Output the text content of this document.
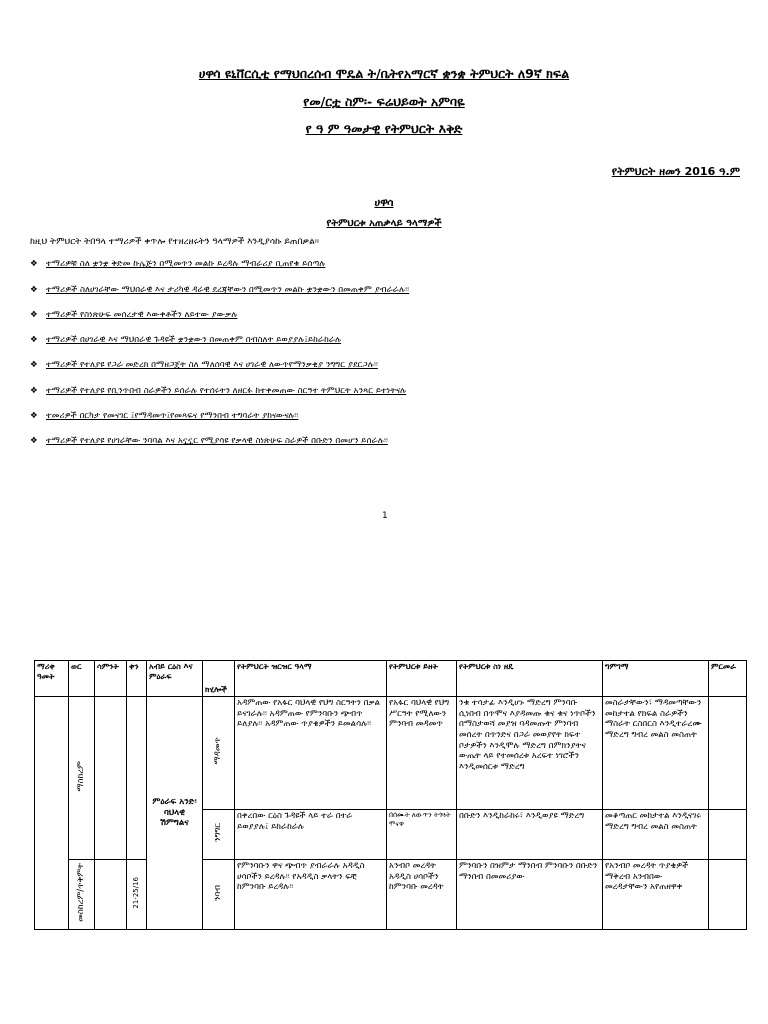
ሀዋሳ ዩኒቨርሲቲ የማህበረሰብ ሞዴል ት/ቤትየአማርኛ ቋንቋ ትምህርት ለ9ኛ ክፍል
የመ/ርቷ ስም፡- ፍሬህይወት አምባዬ
የ ዓ ም ዓመታዊ የትምህርት እቅድ
የትምህርት ዘመን 2016 ዓ.ም
ሀዋሳ
የትምህርቱ አጠቃላይ ዓላማዎች
ከዚህ ትምህርት ትበዓላ ተማሪዎች ቀጥሎ የተዘረዘሩትን ዓላማዎች እንዲያሳኩ ይጠበቃል፡፡
❖ ተማሪዎቹ ስለ ቋንቋ ቅድመ ኩሌጅን በሚመጥን መልኩ ይረዳሉ ማብራሪያ ቢጠየቁ ይሰጣሉ
❖ ተማሪዎች ስለሀገራቸው ማህበራዊ እና ታሪካዊ ዳራዊ ደረጃቸውን በሚመጥን መልኩ ቋንቋውን በመጠቀም ያብራራሉ፡፡
❖ ተማሪዎች የስነጽሁፍ መሰረታዊ እውቀቶችን ለይተው ያውቃሉ
❖ ተማሪዎች በሀገራዊ እና ማህበራዊ ጉዳዩች ቋንቋውን በመጠቀም በብስለት ይወያያሉ፤ይከራከራሉ
❖ ተማሪዎች የተለያዩ የጋራ መድረክ በማዘጋጀት ስለ ማለሰባዊ እና ሀገራዊ ለውጥየማንቃቂያ ንግግር ያደርጋሉ፡፡
❖ ተማሪዎች የተለያዩ የቢንጥበብ ስራዎችን ይሰራሉ የተሰሩትን ለዘርፉ ከተቀመጠው ስርዓተ ትምህርት አንጻር ይተነትናሉ
❖ ተመሪዎች በርካታ የመናገር ፤የማዳመጥ፤የመጻፍና የማንበብ ተግባራት ያከናውናሉ፡፡
❖ ተማሪዎች የተለያዩ የሀገራቸው ንባባል እና አኗኗር የሚያሳዩ የቃላዊ ስነጽሁፍ ስራዎች በቡድን በመሆን ይሰራሉ፡፡
1
ማሪቀ ዓመት	ወር	ሳምንት	ቀን	አብይ ርዕስ እና ምዕራፍ	ክሂሎች	የትምህርት ዝርዝር ዓላማ	የትምህርቱ ይዘት	የትምህርቱ ስነ ዘዴ	ግምገማ	ምርመራ
	ማስከረም			ምዕራፍ አንድ፡ ባህላዊ ሽምግልና	ማዳመጥ	አዳምጠው የአፋር ባህላዊ የህግ ስርዓትን በቃል ይናገራሉ፡፡ አዳምጠው የምንባቡን ጭብጥ ይለያሉ፡፡ አዳምጠው ጥያቄዎችን ይመልሳሉ፡፡	የአፋር ባህላዊ የህግ ሥርዓት የሚለውን ምንባብ መዳመጥ	ንቁ ተሳታፊ እንዲሆኑ ማድረግ ምንባቡ ሲነበብ በጥሞና እያዳመጡ ቁና ቁና ነጥቦችን በማስታወሻ መያዝ ባዳመጡት ምንባብ መሰረት በጥንድና በጋራ መወያየት ክፍተ ቦታዎችን እንዲሞሉ ማድረግ በምክንያትና ውጤት ላይ የተመሰረቱ አረፍተ ነገሮችን እንዲመሰርቱ ማድረግ	መስራታቸውን፣ ማዳመጣቸውን መከታተል የክፍል ስራዎችን ማስራት ርስበርስ እንዲተራረሙ ማድረግ ግብረ መልስ መስጠት	
					ንግግር	በቀረበው ርዕስ ጉዳዩች ላይ ተራ በተራ ይወያያሉ፤ ይከራከራሉ	በሰሙት ለውጥን ትጎጓት ሞናዋ	በቡድን እንዲከራከሩ፣ እንዲወያዩ ማድረግ	መቆጣጠር መከታተል እንዲናገሩ ማድረግ ግብረ መልስ መስጠት	
	መስከረም/ጥቅምት		21-25/16		ንባብ	የምንባቡን ዋና ጭብጥ ያብራራሉ አዳዲስ ሀሳቦችን ይረዳሉ፡፡ የአዳዲስ ቃላትን ፍቺ ከምንባቡ ይረዳሉ፡፡	አንብቦ መረዳት አዳዲስ ሀሳቦችን ከምንባቡ መረዳት	ምንባቡን በዝምታ ማንበብ ምንባቡን በቡድን ማንበብ በመመሪያው	የአንብቦ መረዳት ጥያቄዎች ማቅረብ አንብበው መረዳታቸውን አየጠዘዋቀ	
